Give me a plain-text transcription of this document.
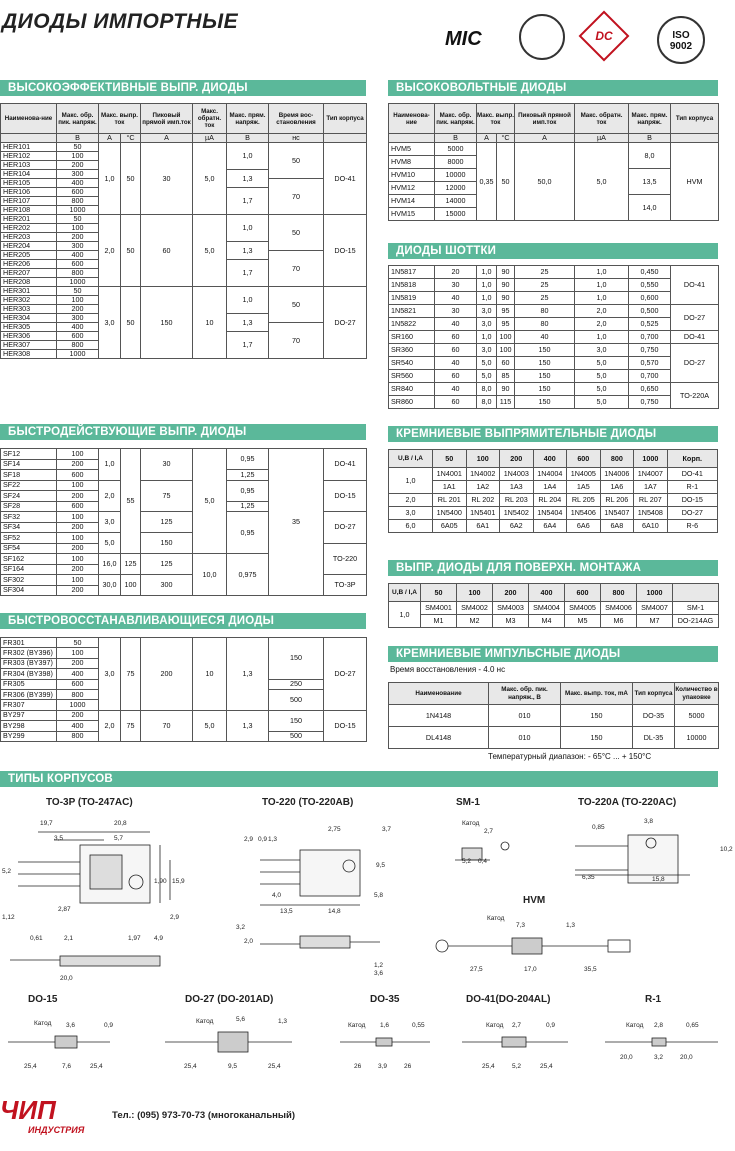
ДИОДЫ ИМПОРТНЫЕ
MIC	DC	ISO
9002
ВЫСОКОЭФФЕКТИВНЫЕ ВЫПР. ДИОДЫ
Наименова-ние	Макс. обр. пик. напряж.	Макс. выпр. ток		Пиковый прямой имп.ток	Макс. обратн. ток	Макс. прям. напряж.	Время вос-становления	Тип корпуса
	В	A	°С	A	µA	В	нс	
HER101	50	1,0	50	30	5,0	1,0	50	DO-41
HER102	100							
HER103	200							
HER104	300					1,3		
HER105	400						70	
HER106	600					1,7		
HER107	800							
HER108	1000							
HER201	50	2,0	50	60	5,0	1,0	50	DO-15
HER202	100							
HER203	200							
HER204	300					1,3		
HER205	400						70	
HER206	600					1,7		
HER207	800							
HER208	1000							
HER301	50	3,0	50	150	10	1,0	50	DO-27
HER302	100							
HER303	200							
HER304	300					1,3		
HER305	400						70	
HER306	600					1,7		
HER307	800							
HER308	1000							
ВЫСОКОВОЛЬТНЫЕ ДИОДЫ
Наименова-ние	Макс. обр. пик. напряж.	Макс. выпр. ток		Пиковый прямой имп.ток	Макс. обратн. ток	Макс. прям. напряж.	Тип корпуса
	В	A	°С	A	µA	В	
HVM5	5000	0,35	50	50,0	5,0	8,0	HVM
HVM8	8000						
HVM10	10000					13,5	
HVM12	12000						
HVM14	14000					14,0	
HVM15	15000						
ДИОДЫ ШОТТКИ
1N5817	20	1,0	90	25	1,0	0,450	DO-41
1N5818	30	1,0	90	25	1,0	0,550	
1N5819	40	1,0	90	25	1,0	0,600	
1N5821	30	3,0	95	80	2,0	0,500	DO-27
1N5822	40	3,0	95	80	2,0	0,525	
SR160	60	1,0	100	40	1,0	0,700	DO-41
SR360	60	3,0	100	150	3,0	0,750	DO-27
SR540	40	5,0	60	150	5,0	0,570	
SR560	60	5,0	85	150	5,0	0,700	
SR840	40	8,0	90	150	5,0	0,650	TO-220A
SR860	60	8,0	115	150	5,0	0,750	
БЫСТРОДЕЙСТВУЮЩИЕ ВЫПР. ДИОДЫ
SF12	100	1,0	55	30	5,0	0,95	35	DO-41
SF14	200							
SF18	600					1,25		
SF22	100	2,0		75		0,95		DO-15
SF24	200							
SF28	600					1,25		
SF32	100	3,0		125		0,95		DO-27
SF34	200							
SF52	100	5,0		150				
SF54	200							TO-220
SF162	100	16,0	125	125	10,0	0,975		
SF164	200							
SF302	100	30,0	100	300				TO-3P
SF304	200							
КРЕМНИЕВЫЕ ВЫПРЯМИТЕЛЬНЫЕ ДИОДЫ
U,B / I,A	50	100	200	400	600	800	1000	Корп.
1,0	1N4001	1N4002	1N4003	1N4004	1N4005	1N4006	1N4007	DO-41
	1A1	1A2	1A3	1A4	1A5	1A6	1A7	R-1
2,0	RL 201	RL 202	RL 203	RL 204	RL 205	RL 206	RL 207	DO-15
3,0	1N5400	1N5401	1N5402	1N5404	1N5406	1N5407	1N5408	DO-27
6,0	6A05	6A1	6A2	6A4	6A6	6A8	6A10	R-6
ВЫПР. ДИОДЫ ДЛЯ ПОВЕРХН. МОНТАЖА
U,B / I,A	50	100	200	400	600	800	1000	
1,0	SM4001	SM4002	SM4003	SM4004	SM4005	SM4006	SM4007	SM-1
	M1	M2	M3	M4	M5	M6	M7	DO-214AG
БЫСТРОВОССТАНАВЛИВАЮЩИЕСЯ ДИОДЫ
FR301	50	3,0	75	200	10	1,3	150	DO-27
FR302 (BY396)	100							
FR303 (BY397)	200							
FR304 (BY398)	400							
FR305	600						250	
FR306 (BY399)	800						500	
FR307	1000							
BY297	200	2,0	75	70	5,0	1,3	150	DO-15
BY298	400							
BY299	800						500	
КРЕМНИЕВЫЕ ИМПУЛЬСНЫЕ ДИОДЫ
Время восстановления - 4.0 нс
Наименование	Макс. обр. пик. напряж., В	Макс. выпр. ток, mA	Тип корпуса	Количество в упаковке
1N4148	010	150	DO-35	5000
DL4148	010	150	DL-35	10000
Температурный диапазон: - 65°С ... + 150°С
ТИПЫ КОРПУСОВ
TO-3P (TO-247AC)	TO-220 (TO-220AB)	SM-1	TO-220A (TO-220AC)
HVM
DO-15	DO-27 (DO-201AD)	DO-35	DO-41(DO-204AL)	R-1
19,7	20,8
3,5	5,7
5,2
1,90 15,9
2,87
2,9
1,12
0,61	2,1	1,97 4,9
20,0
2,75	3,7
2,9 0,9 1,3
9,5
4,0	5,8
13,5	14,8
3,2
2,0
1,2
3,6
2,7
5,2 0,4
3,8
0,85
10,2
6,35	15,8
7,3	1,3
27,5	17,0	35,5
3,6	0,9
25,4	7,6	25,4
5,6	1,3
25,4	9,5	25,4
1,6	0,55
26	3,9	26
2,7	0,9
25,4	5,2	25,4
2,8	0,65
20,0	3,2	20,0
Катод
Катод
Катод	Катод
Катод	Катод	Катод
ЧИП
ИНДУСТРИЯ
Тел.: (095) 973-70-73 (многоканальный)
